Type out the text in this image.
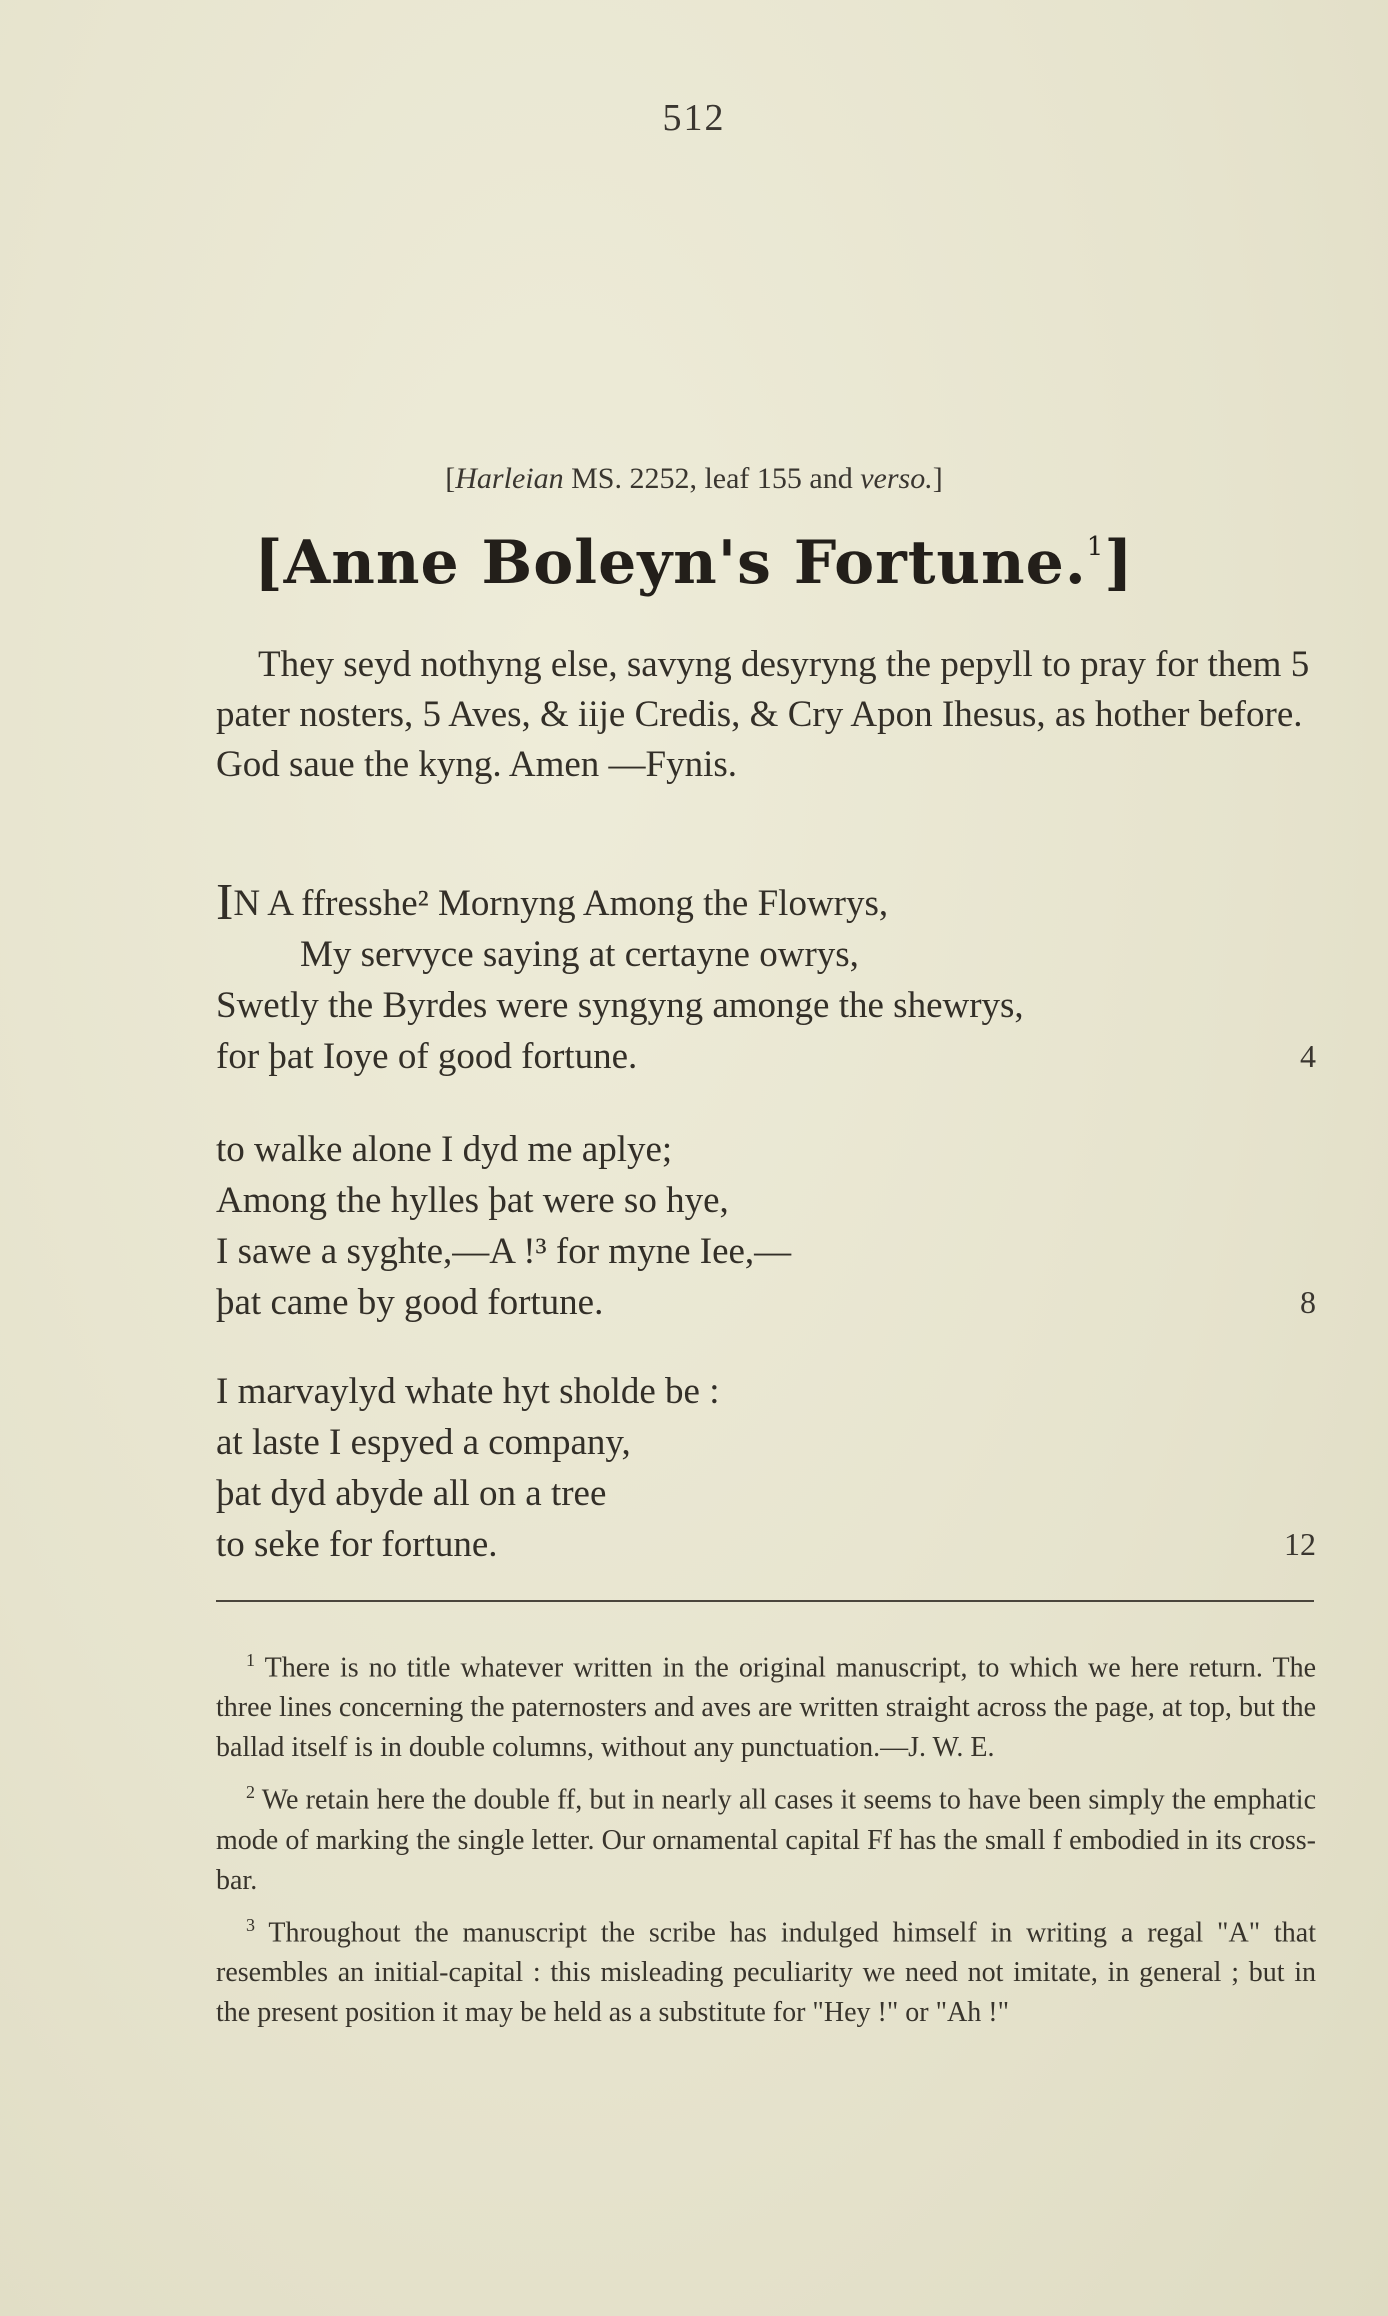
512
[Harleian MS. 2252, leaf 155 and verso.]
[Anne Boleyn's Fortune.$^1$]

They seyd nothyng else, savyng desyryng the pepyll to pray for them 5 pater nosters, 5 Aves, & iije Credis, & Cry Apon Ihesus, as hother before. God saue the kyng. Amen —Fynis.

IN A ffresshe² Mornyng Among the Flowrys,
My servyce saying at certayne owrys,
Swetly the Byrdes were syngyng amonge the shewrys,
for þat Ioye of good fortune.	4
to walke alone I dyd me aplye;
Among the hylles þat were so hye,
I sawe a syghte,—A !³ for myne Iee,—
þat came by good fortune.	8
I marvaylyd whate hyt sholde be :
at laste I espyed a company,
þat dyd abyde all on a tree
to seke for fortune.	12

$^1$ There is no title whatever written in the original manuscript, to which we here return. The three lines concerning the paternosters and aves are written straight across the page, at top, but the ballad itself is in double columns, without any punctuation.—J. W. E.

$^2$ We retain here the double ff, but in nearly all cases it seems to have been simply the emphatic mode of marking the single letter. Our ornamental capital Ff has the small f embodied in its cross-bar.

$^3$ Throughout the manuscript the scribe has indulged himself in writing a regal "A" that resembles an initial-capital : this misleading peculiarity we need not imitate, in general ; but in the present position it may be held as a substitute for "Hey !" or "Ah !"
